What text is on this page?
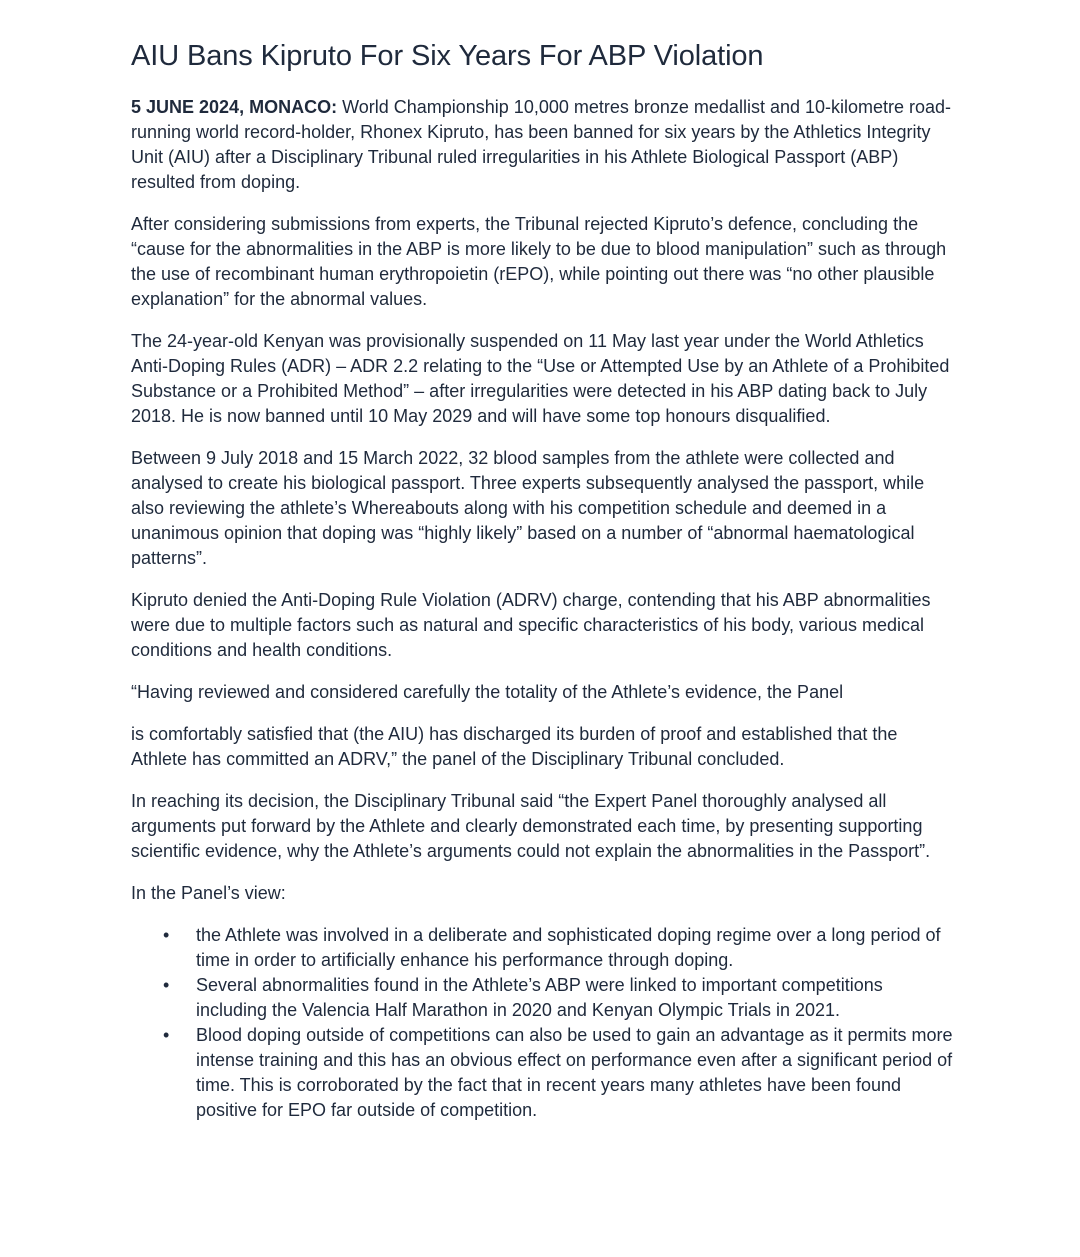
AIU Bans Kipruto For Six Years For ABP Violation

5 JUNE 2024, MONACO: World Championship 10,000 metres bronze medallist and 10-kilometre road-running world record-holder, Rhonex Kipruto, has been banned for six years by the Athletics Integrity Unit (AIU) after a Disciplinary Tribunal ruled irregularities in his Athlete Biological Passport (ABP) resulted from doping.

After considering submissions from experts, the Tribunal rejected Kipruto’s defence, concluding the “cause for the abnormalities in the ABP is more likely to be due to blood manipulation” such as through the use of recombinant human erythropoietin (rEPO), while pointing out there was “no other plausible explanation” for the abnormal values.

The 24-year-old Kenyan was provisionally suspended on 11 May last year under the World Athletics Anti-Doping Rules (ADR) – ADR 2.2 relating to the “Use or Attempted Use by an Athlete of a Prohibited Substance or a Prohibited Method” – after irregularities were detected in his ABP dating back to July 2018. He is now banned until 10 May 2029 and will have some top honours disqualified.

Between 9 July 2018 and 15 March 2022, 32 blood samples from the athlete were collected and analysed to create his biological passport. Three experts subsequently analysed the passport, while also reviewing the athlete’s Whereabouts along with his competition schedule and deemed in a unanimous opinion that doping was “highly likely” based on a number of “abnormal haematological patterns”.

Kipruto denied the Anti-Doping Rule Violation (ADRV) charge, contending that his ABP abnormalities were due to multiple factors such as natural and specific characteristics of his body, various medical conditions and health conditions.

“Having reviewed and considered carefully the totality of the Athlete’s evidence, the Panel

is comfortably satisfied that (the AIU) has discharged its burden of proof and established that the Athlete has committed an ADRV,” the panel of the Disciplinary Tribunal concluded.

In reaching its decision, the Disciplinary Tribunal said “the Expert Panel thoroughly analysed all arguments put forward by the Athlete and clearly demonstrated each time, by presenting supporting scientific evidence, why the Athlete’s arguments could not explain the abnormalities in the Passport”.

In the Panel’s view:

• the Athlete was involved in a deliberate and sophisticated doping regime over a long period of time in order to artificially enhance his performance through doping.
• Several abnormalities found in the Athlete’s ABP were linked to important competitions including the Valencia Half Marathon in 2020 and Kenyan Olympic Trials in 2021.
• Blood doping outside of competitions can also be used to gain an advantage as it permits more intense training and this has an obvious effect on performance even after a significant period of time. This is corroborated by the fact that in recent years many athletes have been found positive for EPO far outside of competition.
